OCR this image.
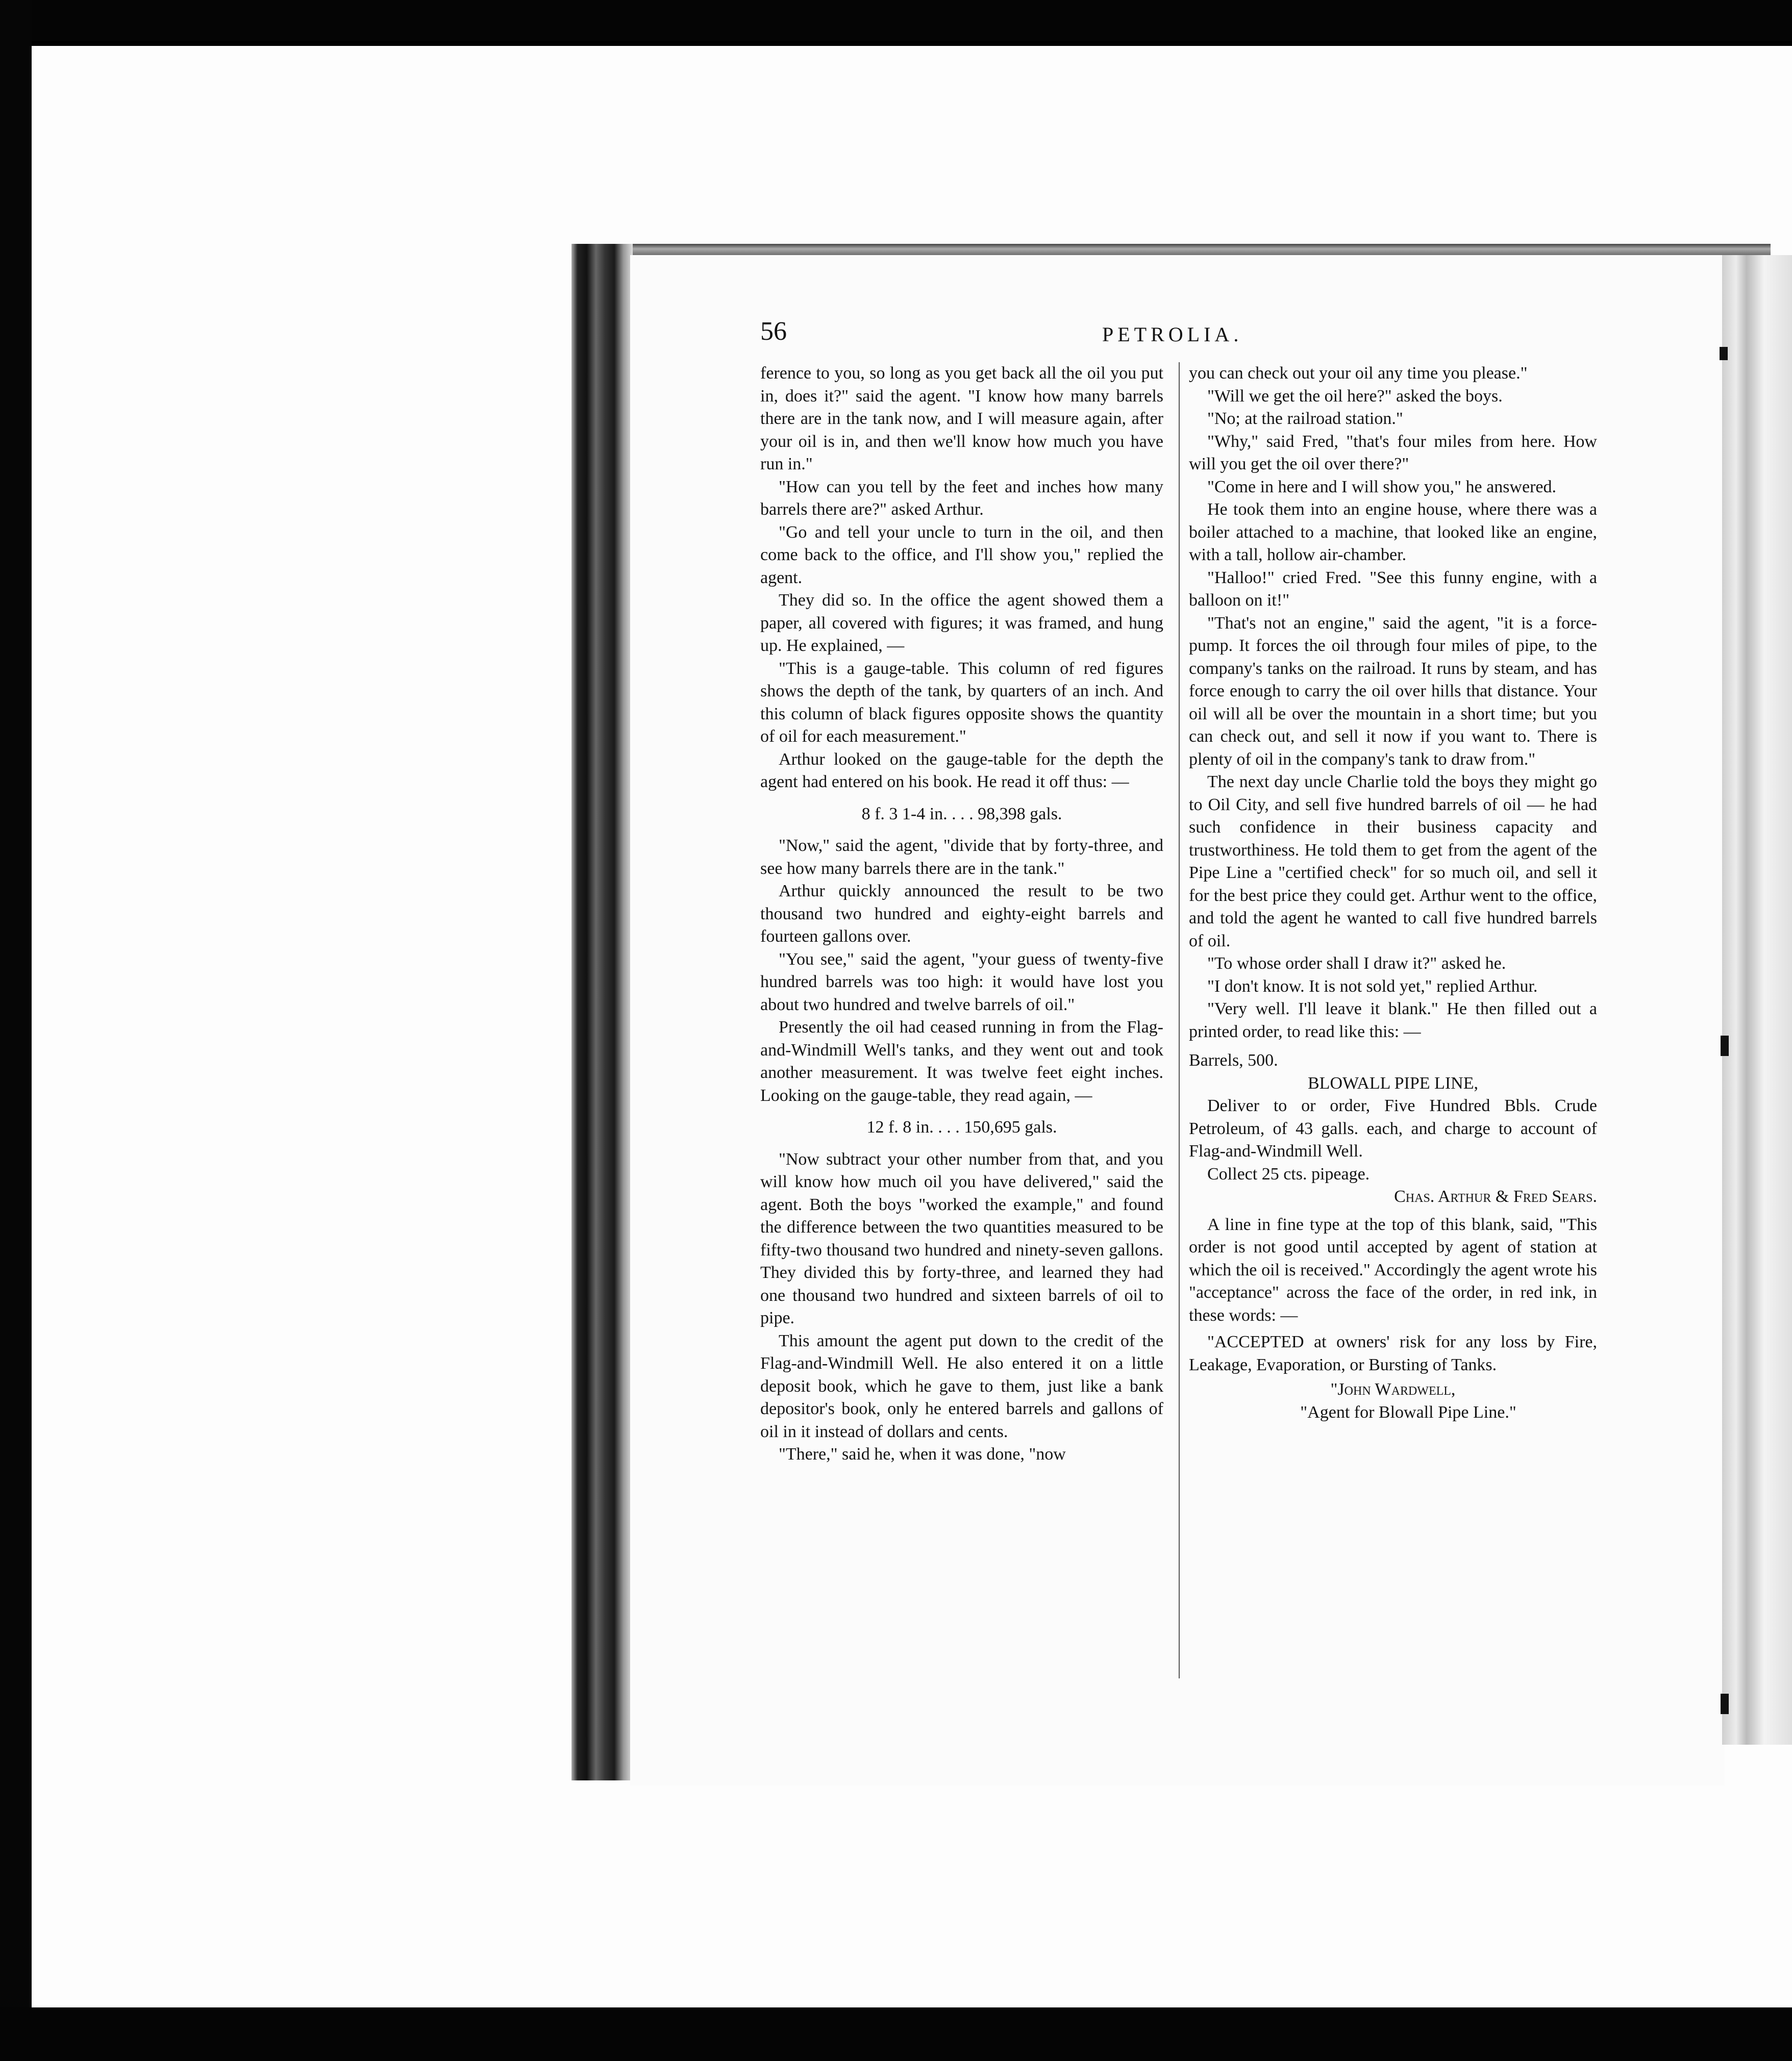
56	PETROLIA.

ference to you, so long as you get back all the oil you put in, does it?" said the agent. "I know how many barrels there are in the tank now, and I will measure again, after your oil is in, and then we'll know how much you have run in."

"How can you tell by the feet and inches how many barrels there are?" asked Arthur.

"Go and tell your uncle to turn in the oil, and then come back to the office, and I'll show you," replied the agent.

They did so. In the office the agent showed them a paper, all covered with figures; it was framed, and hung up. He explained, —

"This is a gauge-table. This column of red figures shows the depth of the tank, by quarters of an inch. And this column of black figures opposite shows the quantity of oil for each measurement."

Arthur looked on the gauge-table for the depth the agent had entered on his book. He read it off thus: —

8 f. 3 1-4 in. . . . 98,398 gals.

"Now," said the agent, "divide that by forty-three, and see how many barrels there are in the tank."

Arthur quickly announced the result to be two thousand two hundred and eighty-eight barrels and fourteen gallons over.

"You see," said the agent, "your guess of twenty-five hundred barrels was too high: it would have lost you about two hundred and twelve barrels of oil."

Presently the oil had ceased running in from the Flag-and-Windmill Well's tanks, and they went out and took another measurement. It was twelve feet eight inches. Looking on the gauge-table, they read again, —

12 f. 8 in. . . . 150,695 gals.

"Now subtract your other number from that, and you will know how much oil you have delivered," said the agent. Both the boys "worked the example," and found the difference between the two quantities measured to be fifty-two thousand two hundred and ninety-seven gallons. They divided this by forty-three, and learned they had one thousand two hundred and sixteen barrels of oil to pipe.

This amount the agent put down to the credit of the Flag-and-Windmill Well. He also entered it on a little deposit book, which he gave to them, just like a bank depositor's book, only he entered barrels and gallons of oil in it instead of dollars and cents.

"There," said he, when it was done, "now

you can check out your oil any time you please."

"Will we get the oil here?" asked the boys.

"No; at the railroad station."

"Why," said Fred, "that's four miles from here. How will you get the oil over there?"

"Come in here and I will show you," he answered.

He took them into an engine house, where there was a boiler attached to a machine, that looked like an engine, with a tall, hollow air-chamber.

"Halloo!" cried Fred. "See this funny engine, with a balloon on it!"

"That's not an engine," said the agent, "it is a force-pump. It forces the oil through four miles of pipe, to the company's tanks on the railroad. It runs by steam, and has force enough to carry the oil over hills that distance. Your oil will all be over the mountain in a short time; but you can check out, and sell it now if you want to. There is plenty of oil in the company's tank to draw from."

The next day uncle Charlie told the boys they might go to Oil City, and sell five hundred barrels of oil — he had such confidence in their business capacity and trustworthiness. He told them to get from the agent of the Pipe Line a "certified check" for so much oil, and sell it for the best price they could get. Arthur went to the office, and told the agent he wanted to call five hundred barrels of oil.

"To whose order shall I draw it?" asked he.

"I don't know. It is not sold yet," replied Arthur.

"Very well. I'll leave it blank." He then filled out a printed order, to read like this: —

Barrels, 500.

BLOWALL PIPE LINE,

Deliver to or order, Five Hundred Bbls. Crude Petroleum, of 43 galls. each, and charge to account of Flag-and-Windmill Well.

Collect 25 cts. pipeage.

Chas. Arthur & Fred Sears.

A line in fine type at the top of this blank, said, "This order is not good until accepted by agent of station at which the oil is received." Accordingly the agent wrote his "acceptance" across the face of the order, in red ink, in these words: —

"ACCEPTED at owners' risk for any loss by Fire, Leakage, Evaporation, or Bursting of Tanks.

"John Wardwell,

"Agent for Blowall Pipe Line."
